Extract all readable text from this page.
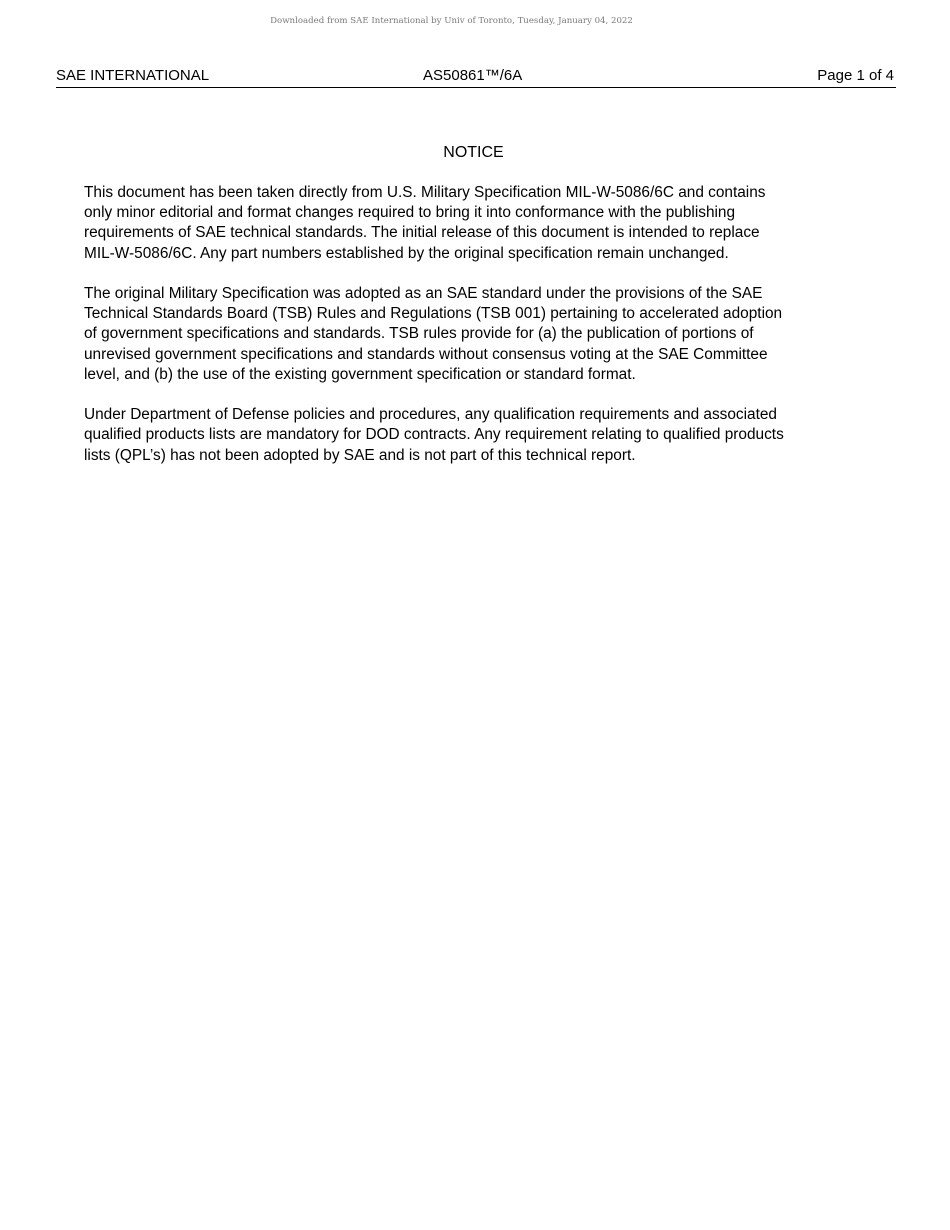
Downloaded from SAE International by Univ of Toronto, Tuesday, January 04, 2022
SAE INTERNATIONAL	AS50861™/6A	Page 1 of 4
NOTICE

This document has been taken directly from U.S. Military Specification MIL-W-5086/6C and contains
only minor editorial and format changes required to bring it into conformance with the publishing
requirements of SAE technical standards. The initial release of this document is intended to replace
MIL-W-5086/6C. Any part numbers established by the original specification remain unchanged.

The original Military Specification was adopted as an SAE standard under the provisions of the SAE
Technical Standards Board (TSB) Rules and Regulations (TSB 001) pertaining to accelerated adoption
of government specifications and standards. TSB rules provide for (a) the publication of portions of
unrevised government specifications and standards without consensus voting at the SAE Committee
level, and (b) the use of the existing government specification or standard format.

Under Department of Defense policies and procedures, any qualification requirements and associated
qualified products lists are mandatory for DOD contracts. Any requirement relating to qualified products
lists (QPL’s) has not been adopted by SAE and is not part of this technical report.
